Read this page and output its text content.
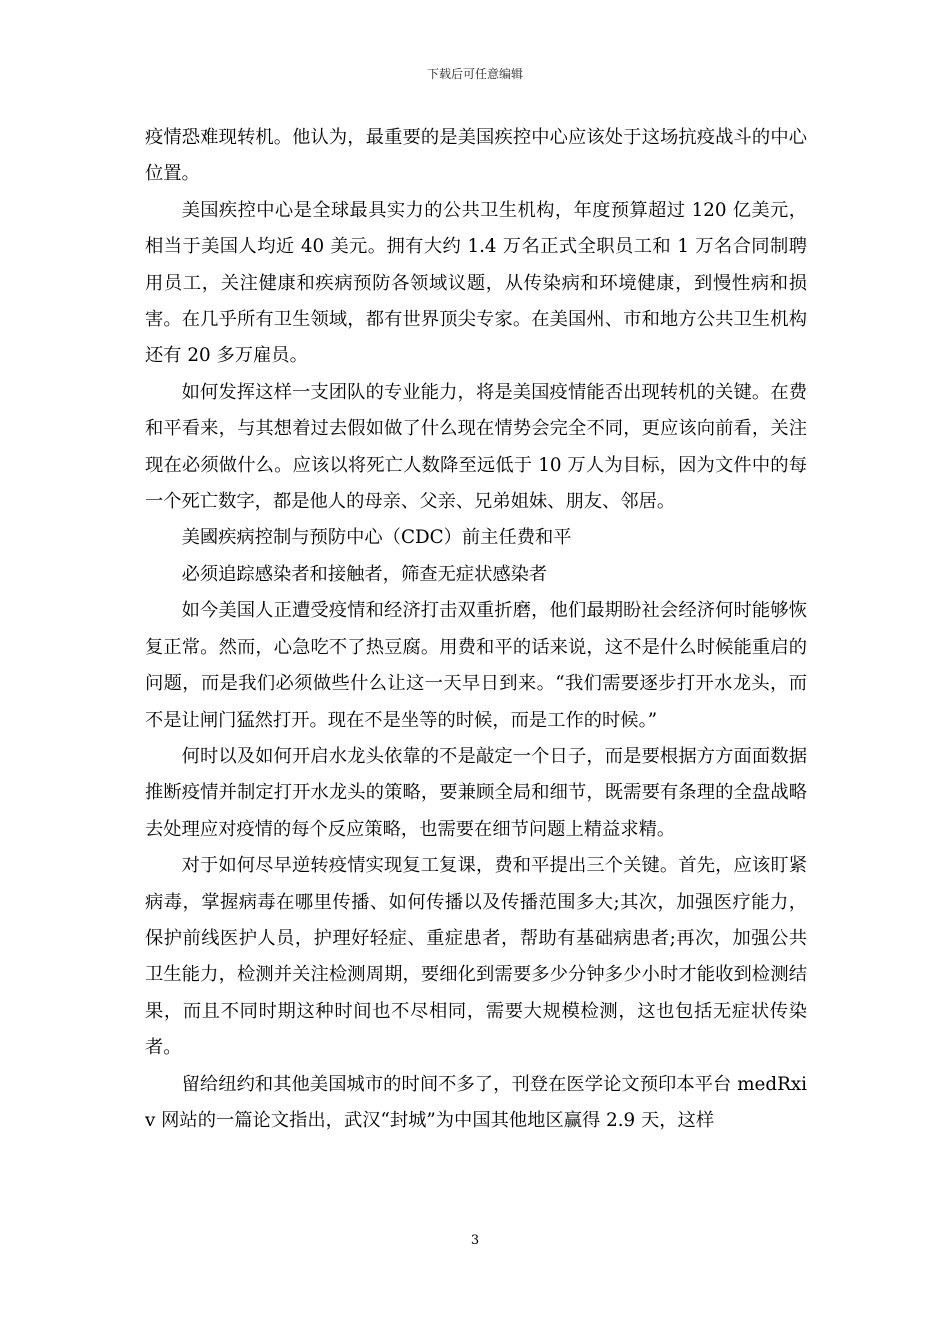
下载后可任意编辑

疫情恐难现转机。他认为，最重要的是美国疾控中心应该处于这场抗疫战斗的中心位置。

美国疾控中心是全球最具实力的公共卫生机构，年度预算超过 120 亿美元，相当于美国人均近 40 美元。拥有大约 1.4 万名正式全职员工和 1 万名合同制聘用员工，关注健康和疾病预防各领域议题，从传染病和环境健康，到慢性病和损害。在几乎所有卫生领域，都有世界顶尖专家。在美国州、市和地方公共卫生机构还有 20 多万雇员。

如何发挥这样一支团队的专业能力，将是美国疫情能否出现转机的关键。在费和平看来，与其想着过去假如做了什么现在情势会完全不同，更应该向前看，关注现在必须做什么。应该以将死亡人数降至远低于 10 万人为目标，因为文件中的每一个死亡数字，都是他人的母亲、父亲、兄弟姐妹、朋友、邻居。

美國疾病控制与预防中心（CDC）前主任费和平

必须追踪感染者和接触者，筛查无症状感染者

如今美国人正遭受疫情和经济打击双重折磨，他们最期盼社会经济何时能够恢复正常。然而，心急吃不了热豆腐。用费和平的话来说，这不是什么时候能重启的问题，而是我们必须做些什么让这一天早日到来。“我们需要逐步打开水龙头，而不是让闸门猛然打开。现在不是坐等的时候，而是工作的时候。”

何时以及如何开启水龙头依靠的不是敲定一个日子，而是要根据方方面面数据推断疫情并制定打开水龙头的策略，要兼顾全局和细节，既需要有条理的全盘战略去处理应对疫情的每个反应策略，也需要在细节问题上精益求精。

对于如何尽早逆转疫情实现复工复课，费和平提出三个关键。首先，应该盯紧病毒，掌握病毒在哪里传播、如何传播以及传播范围多大;其次，加强医疗能力，保护前线医护人员，护理好轻症、重症患者，帮助有基础病患者;再次，加强公共卫生能力，检测并关注检测周期，要细化到需要多少分钟多少小时才能收到检测结果，而且不同时期这种时间也不尽相同，需要大规模检测，这也包括无症状传染者。

留给纽约和其他美国城市的时间不多了，刊登在医学论文预印本平台 medRxiv 网站的一篇论文指出，武汉“封城”为中国其他地区赢得 2.9 天，这样

3
